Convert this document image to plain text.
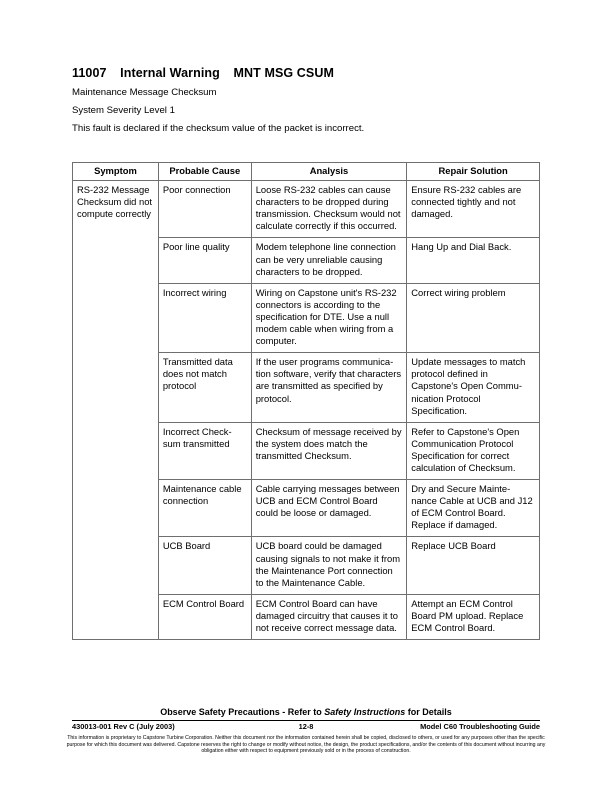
11007 Internal Warning MNT MSG CSUM
Maintenance Message Checksum
System Severity Level 1
This fault is declared if the checksum value of the packet is incorrect.
Symptom	Probable Cause	Analysis	Repair Solution
RS-232 Message Checksum did not compute correctly	Poor connection	Loose RS-232 cables can cause characters to be dropped during transmission. Checksum would not calculate correctly if this occurred.	Ensure RS-232 cables are connected tightly and not damaged.
	Poor line quality	Modem telephone line connection can be very unreliable causing characters to be dropped.	Hang Up and Dial Back.
	Incorrect wiring	Wiring on Capstone unit's RS-232 connectors is according to the specification for DTE. Use a null modem cable when wiring from a computer.	Correct wiring problem
	Transmitted data does not match protocol	If the user programs communica-tion software, verify that characters are transmitted as specified by protocol.	Update messages to match protocol defined in Capstone's Open Commu-nication Protocol Specification.
	Incorrect Check-sum transmitted	Checksum of message received by the system does match the transmitted Checksum.	Refer to Capstone's Open Communication Protocol Specification for correct calculation of Checksum.
	Maintenance cable connection	Cable carrying messages between UCB and ECM Control Board could be loose or damaged.	Dry and Secure Mainte-nance Cable at UCB and J12 of ECM Control Board. Replace if damaged.
	UCB Board	UCB board could be damaged causing signals to not make it from the Maintenance Port connection to the Maintenance Cable.	Replace UCB Board
	ECM Control Board	ECM Control Board can have damaged circuitry that causes it to not receive correct message data.	Attempt an ECM Control Board PM upload. Replace ECM Control Board.
Observe Safety Precautions - Refer to Safety Instructions for Details
430013-001 Rev C (July 2003)	12-8	Model C60 Troubleshooting Guide
This information is proprietary to Capstone Turbine Corporation. Neither this document nor the information contained herein shall be copied, disclosed to others, or used for any purposes other than the specific purpose for which this document was delivered. Capstone reserves the right to change or modify without notice, the design, the product specifications, and/or the contents of this document without incurring any obligation either with respect to equipment previously sold or in the process of construction.
